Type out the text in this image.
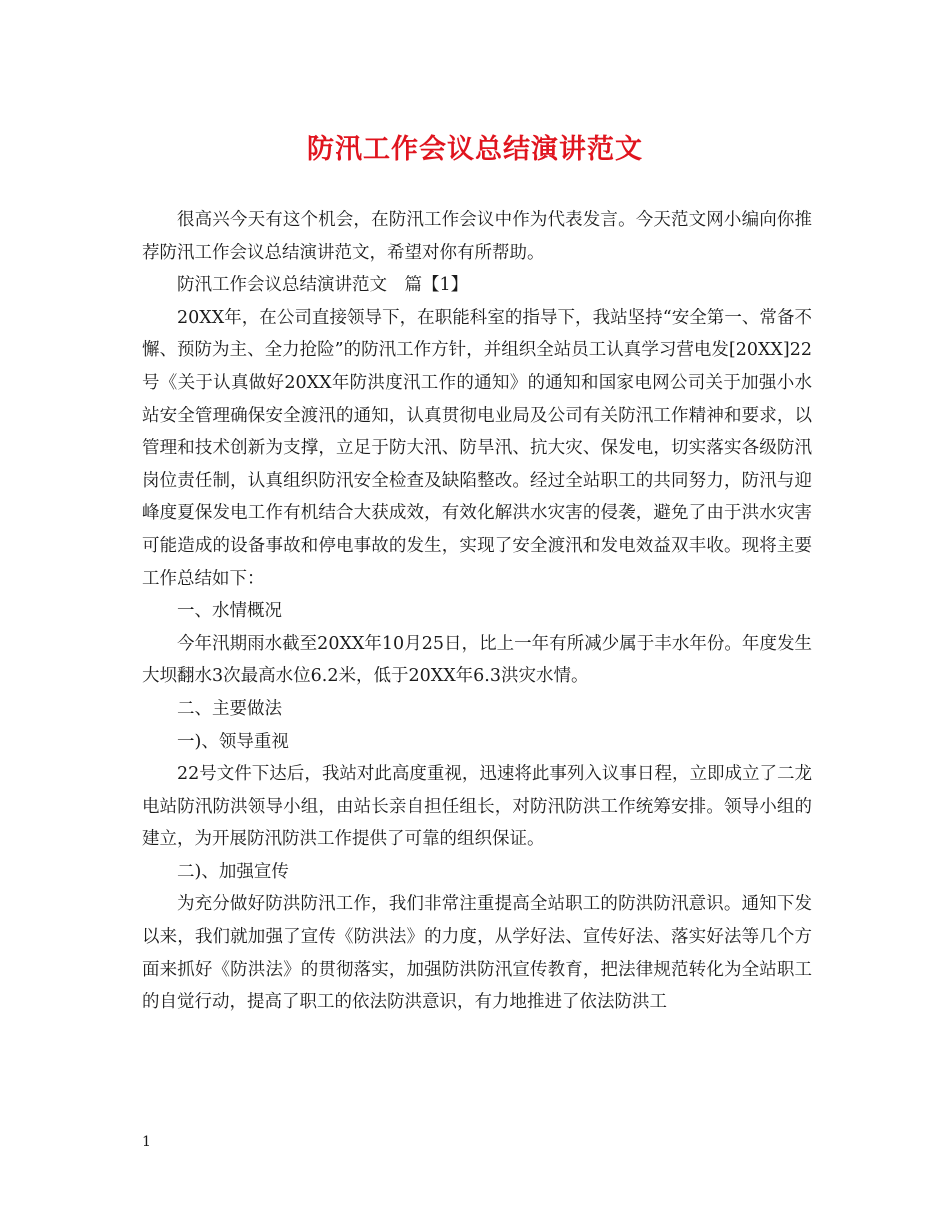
防汛工作会议总结演讲范文

很高兴今天有这个机会，在防汛工作会议中作为代表发言。今天范文网小编向你推荐防汛工作会议总结演讲范文，希望对你有所帮助。

防汛工作会议总结演讲范文　篇【1】

20XX年，在公司直接领导下，在职能科室的指导下，我站坚持“安全第一、常备不懈、预防为主、全力抢险”的防汛工作方针，并组织全站员工认真学习营电发[20XX]22号《关于认真做好20XX年防洪度汛工作的通知》的通知和国家电网公司关于加强小水站安全管理确保安全渡汛的通知，认真贯彻电业局及公司有关防汛工作精神和要求，以管理和技术创新为支撑，立足于防大汛、防旱汛、抗大灾、保发电，切实落实各级防汛岗位责任制，认真组织防汛安全检查及缺陷整改。经过全站职工的共同努力，防汛与迎峰度夏保发电工作有机结合大获成效，有效化解洪水灾害的侵袭，避免了由于洪水灾害可能造成的设备事故和停电事故的发生，实现了安全渡汛和发电效益双丰收。现将主要工作总结如下：

一、水情概况

今年汛期雨水截至20XX年10月25日，比上一年有所减少属于丰水年份。年度发生大坝翻水3次最高水位6.2米，低于20XX年6.3洪灾水情。

二、主要做法

一)、领导重视

22号文件下达后，我站对此高度重视，迅速将此事列入议事日程，立即成立了二龙电站防汛防洪领导小组，由站长亲自担任组长，对防汛防洪工作统筹安排。领导小组的建立，为开展防汛防洪工作提供了可靠的组织保证。

二)、加强宣传

为充分做好防洪防汛工作，我们非常注重提高全站职工的防洪防汛意识。通知下发以来，我们就加强了宣传《防洪法》的力度，从学好法、宣传好法、落实好法等几个方面来抓好《防洪法》的贯彻落实，加强防洪防汛宣传教育，把法律规范转化为全站职工的自觉行动，提高了职工的依法防洪意识，有力地推进了依法防洪工

1
